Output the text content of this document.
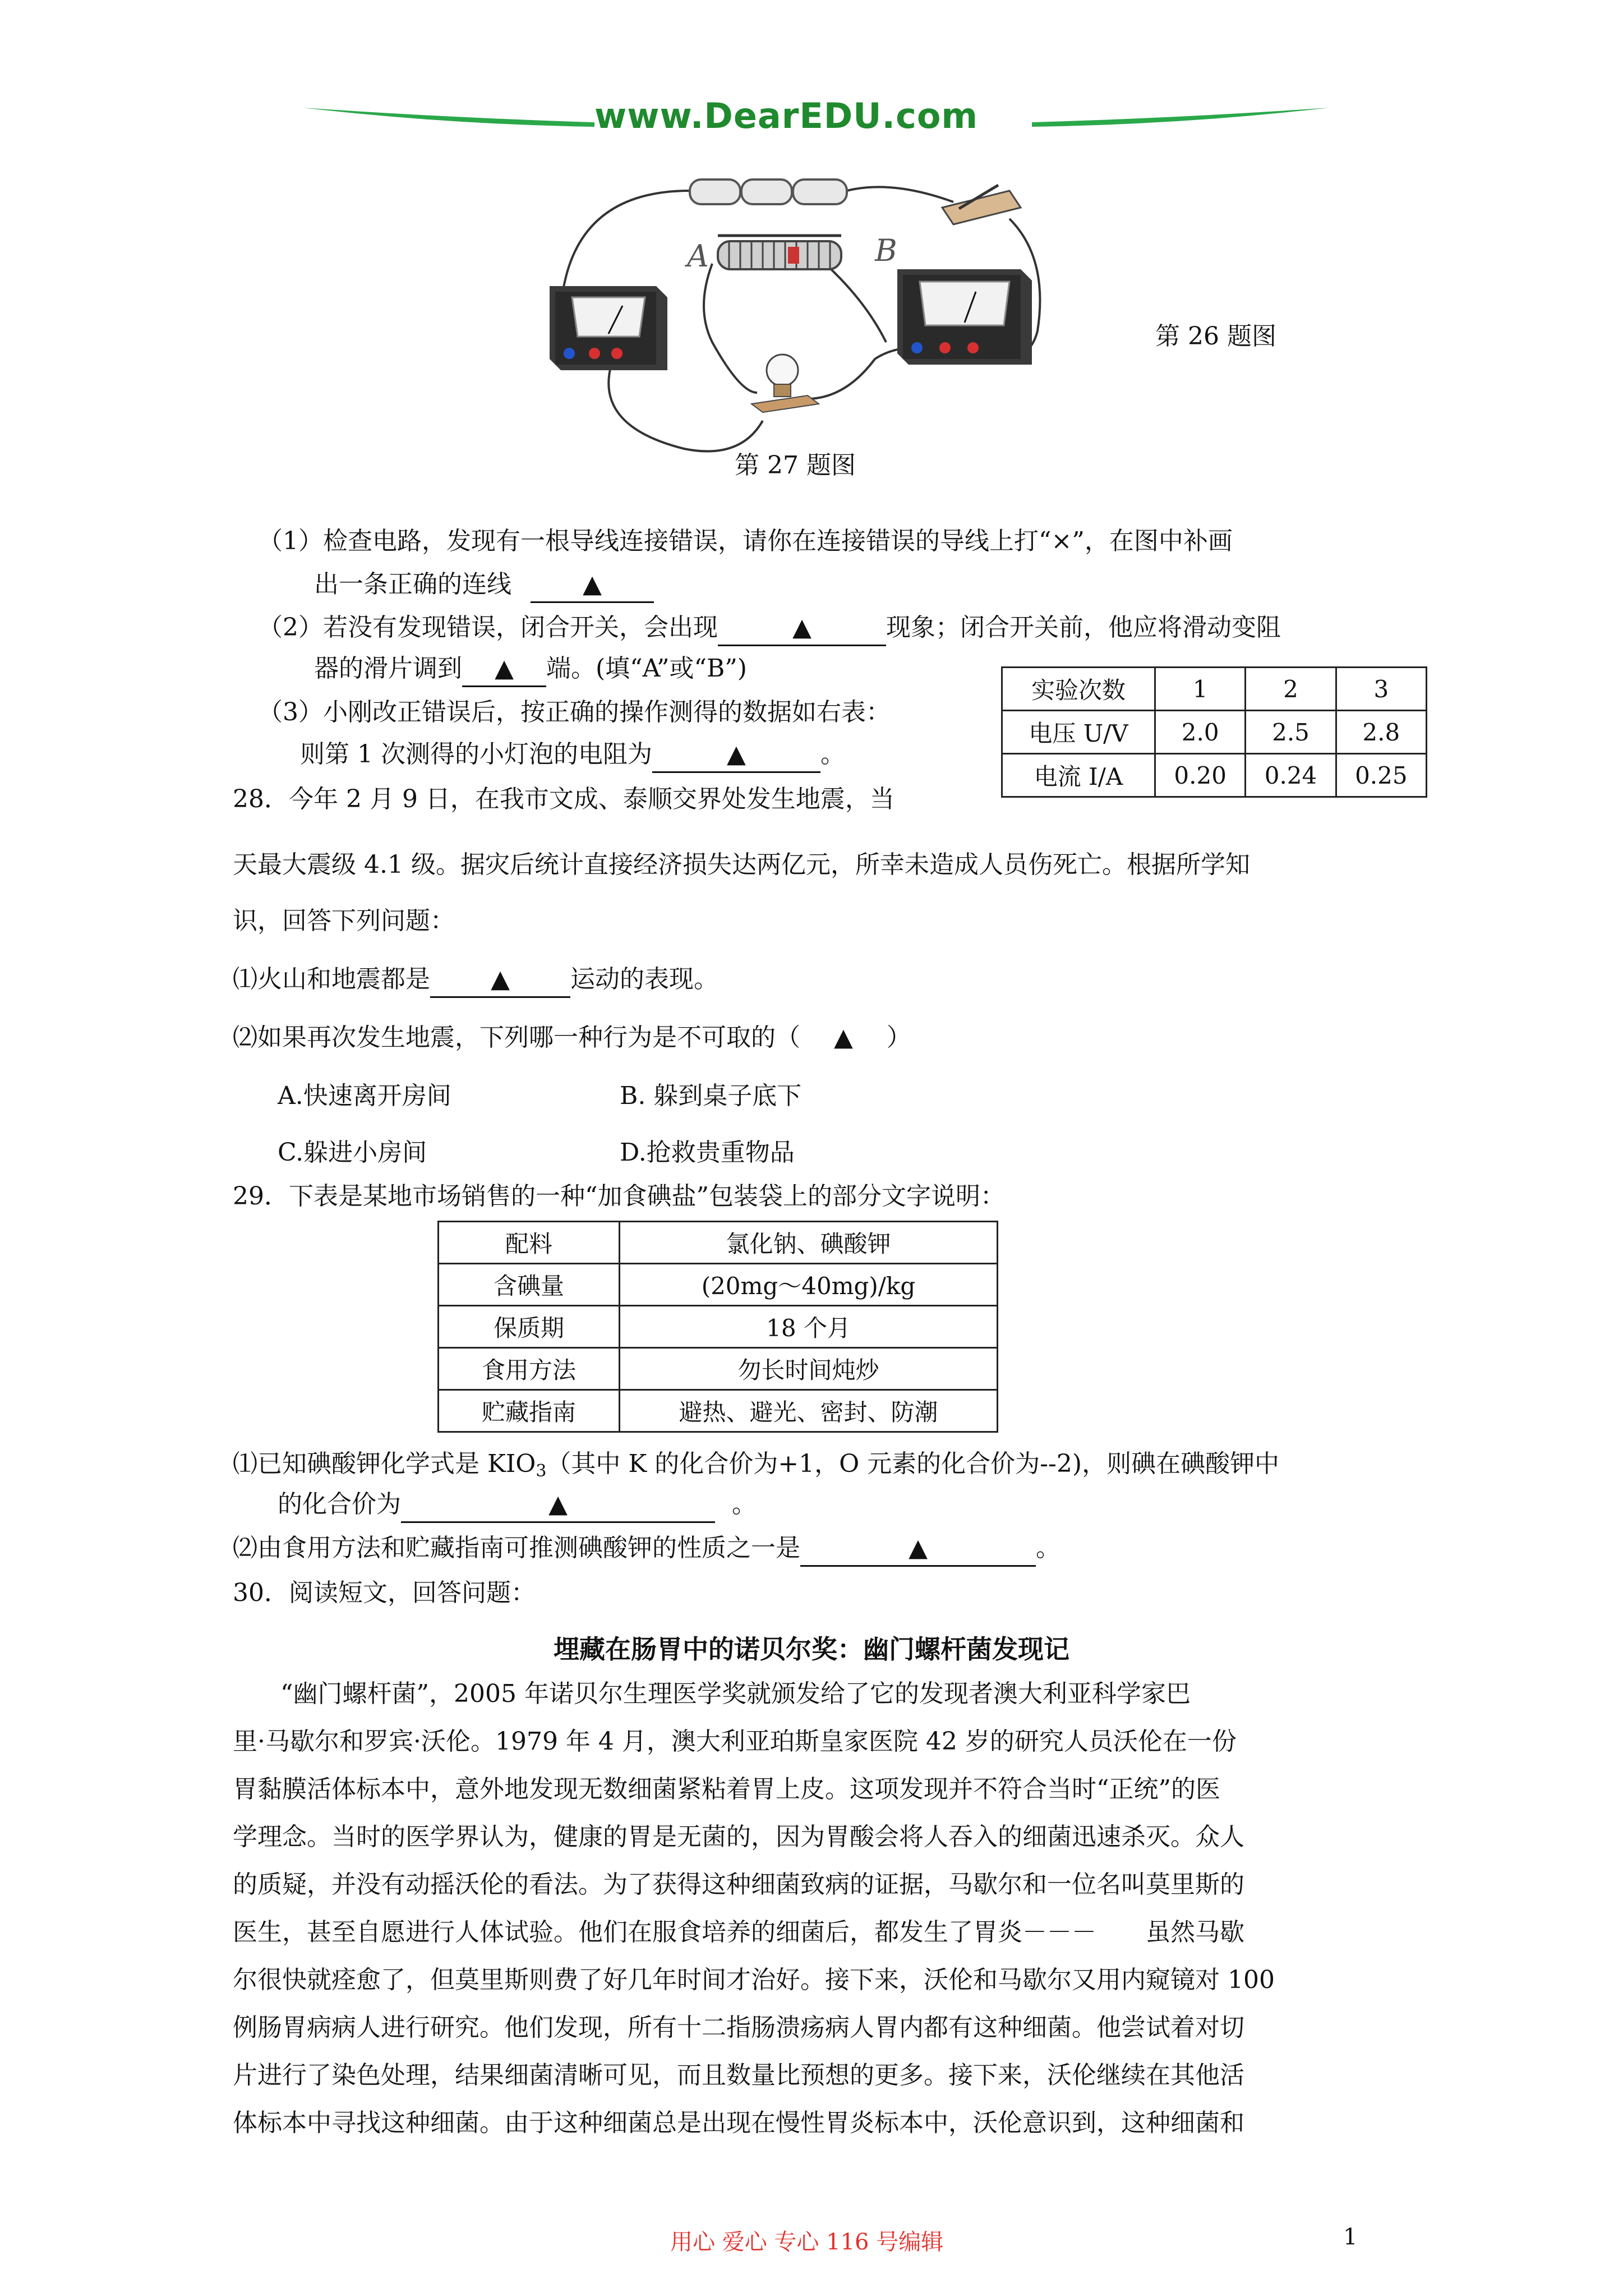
www.DearEDU.com
A	B
第 26 题图
第 27 题图
（1）检查电路，发现有一根导线连接错误，请你在连接错误的导线上打“×”，在图中补画
出一条正确的连线	▲
（2）若没有发现错误，闭合开关，会出现	▲	现象；闭合开关前，他应将滑动变阻
器的滑片调到 ▲ 端。(填“A”或“B”)
（3）小刚改正错误后，按正确的操作测得的数据如右表：
则第 1 次测得的小灯泡的电阻为	▲	。
实验次数	1	2	3
电压 U/V	2.0	2.5	2.8
电流 I/A	0.20	0.24	0.25
28．今年 2 月 9 日，在我市文成、泰顺交界处发生地震，当
天最大震级 4.1 级。据灾后统计直接经济损失达两亿元，所幸未造成人员伤死亡。根据所学知
识，回答下列问题：
⑴火山和地震都是 ▲ 运动的表现。
⑵如果再次发生地震，下列哪一种行为是不可取的（ ▲ ）
A.快速离开房间	B. 躲到桌子底下
C.躲进小房间	D.抢救贵重物品
29．下表是某地市场销售的一种“加食碘盐”包装袋上的部分文字说明：
配料	氯化钠、碘酸钾
含碘量	(20mg～40mg)/kg
保质期	18 个月
食用方法	勿长时间炖炒
贮藏指南	避热、避光、密封、防潮
⑴已知碘酸钾化学式是 $KIO_3$（其中 K 的化合价为+1，O 元素的化合价为--2)，则碘在碘酸钾中
的化合价为	▲	。
⑵由食用方法和贮藏指南可推测碘酸钾的性质之一是	▲	。
30．阅读短文，回答问题：
埋藏在肠胃中的诺贝尔奖：幽门螺杆菌发现记
“幽门螺杆菌”，2005 年诺贝尔生理医学奖就颁发给了它的发现者澳大利亚科学家巴
里·马歇尔和罗宾·沃伦。1979 年 4 月，澳大利亚珀斯皇家医院 42 岁的研究人员沃伦在一份
胃黏膜活体标本中，意外地发现无数细菌紧粘着胃上皮。这项发现并不符合当时“正统”的医
学理念。当时的医学界认为，健康的胃是无菌的，因为胃酸会将人吞入的细菌迅速杀灭。众人
的质疑，并没有动摇沃伦的看法。为了获得这种细菌致病的证据，马歇尔和一位名叫莫里斯的
医生，甚至自愿进行人体试验。他们在服食培养的细菌后，都发生了胃炎－－－　　虽然马歇
尔很快就痊愈了，但莫里斯则费了好几年时间才治好。接下来，沃伦和马歇尔又用内窥镜对 100
例肠胃病病人进行研究。他们发现，所有十二指肠溃疡病人胃内都有这种细菌。他尝试着对切
片进行了染色处理，结果细菌清晰可见，而且数量比预想的更多。接下来，沃伦继续在其他活
体标本中寻找这种细菌。由于这种细菌总是出现在慢性胃炎标本中，沃伦意识到，这种细菌和
用心 爱心 专心 116 号编辑	1
